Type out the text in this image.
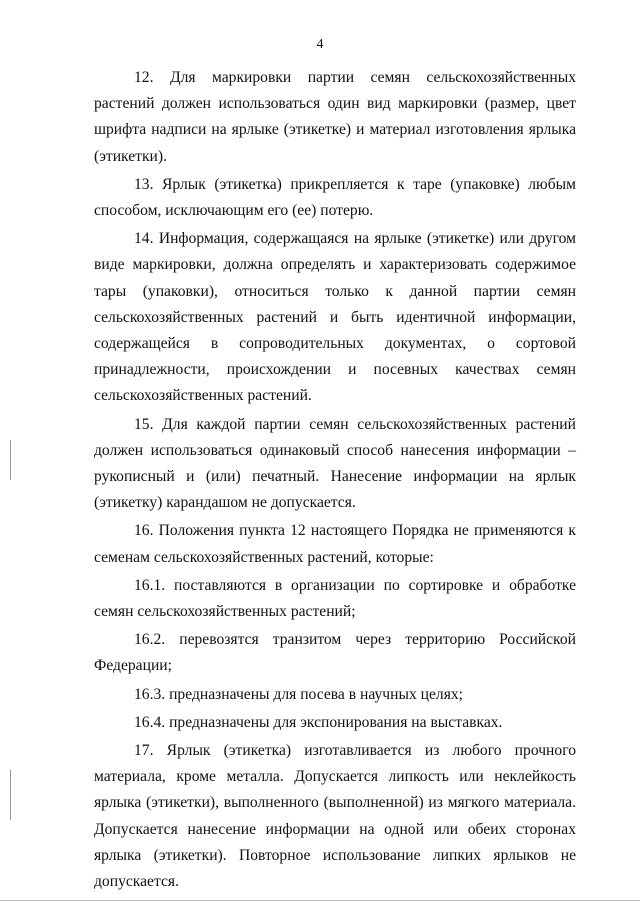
4

12. Для маркировки партии семян сельскохозяйственных растений должен использоваться один вид маркировки (размер, цвет шрифта надписи на ярлыке (этикетке) и материал изготовления ярлыка (этикетки).

13. Ярлык (этикетка) прикрепляется к таре (упаковке) любым способом, исключающим его (ее) потерю.

14. Информация, содержащаяся на ярлыке (этикетке) или другом виде маркировки, должна определять и характеризовать содержимое тары (упаковки), относиться только к данной партии семян сельскохозяйственных растений и быть идентичной информации, содержащейся в сопроводительных документах, о сортовой принадлежности, происхождении и посевных качествах семян сельскохозяйственных растений.

15. Для каждой партии семян сельскохозяйственных растений должен использоваться одинаковый способ нанесения информации – рукописный и (или) печатный. Нанесение информации на ярлык (этикетку) карандашом не допускается.

16. Положения пункта 12 настоящего Порядка не применяются к семенам сельскохозяйственных растений, которые:

16.1. поставляются в организации по сортировке и обработке семян сельскохозяйственных растений;

16.2. перевозятся транзитом через территорию Российской Федерации;

16.3. предназначены для посева в научных целях;

16.4. предназначены для экспонирования на выставках.

17. Ярлык (этикетка) изготавливается из любого прочного материала, кроме металла. Допускается липкость или неклейкость ярлыка (этикетки), выполненного (выполненной) из мягкого материала. Допускается нанесение информации на одной или обеих сторонах ярлыка (этикетки). Повторное использование липких ярлыков не допускается.
